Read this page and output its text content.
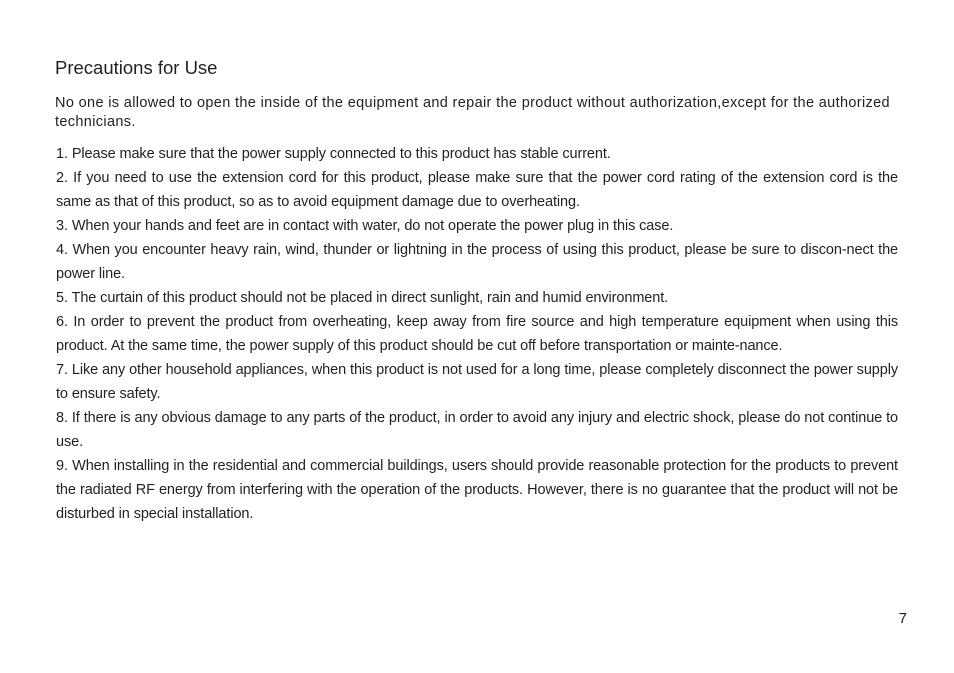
Precautions for Use

No one is allowed to open the inside of the equipment and repair the product without authorization,except for the authorized technicians.

1. Please make sure that the power supply connected to this product has stable current.
2. If you need to use the extension cord for this product, please make sure that the power cord rating of the extension cord is the same as that of this product, so as to avoid equipment damage due to overheating.
3. When your hands and feet are in contact with water, do not operate the power plug in this case.
4. When you encounter heavy rain, wind, thunder or lightning in the process of using this product, please be sure to discon-nect the power line.
5. The curtain of this product should not be placed in direct sunlight, rain and humid environment.
6. In order to prevent the product from overheating, keep away from fire source and high temperature equipment when using this product. At the same time, the power supply of this product should be cut off before transportation or mainte-nance.
7. Like any other household appliances, when this product is not used for a long time, please completely disconnect the power supply to ensure safety.
8. If there is any obvious damage to any parts of the product, in order to avoid any injury and electric shock, please do not continue to use.
9. When installing in the residential and commercial buildings, users should provide reasonable protection for the products to prevent the radiated RF energy from interfering with the operation of the products. However, there is no guarantee that the product will not be disturbed in special installation.
7
